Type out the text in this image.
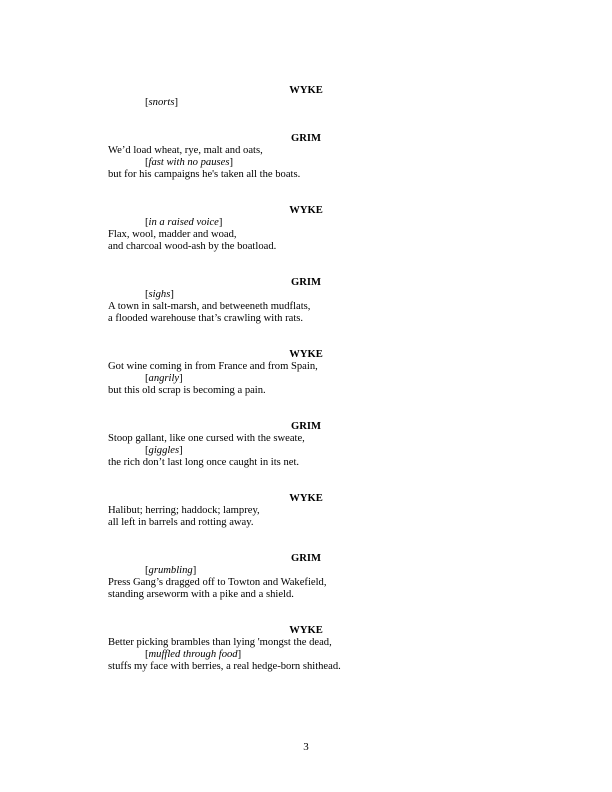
WYKE
[snorts]
GRIM
We’d load wheat, rye, malt and oats,
[fast with no pauses]
but for his campaigns he's taken all the boats.
WYKE
[in a raised voice]
Flax, wool, madder and woad,
and charcoal wood-ash by the boatload.
GRIM
[sighs]
A town in salt-marsh, and betweeneth mudflats,
a flooded warehouse that’s crawling with rats.
WYKE
Got wine coming in from France and from Spain,
[angrily]
but this old scrap is becoming a pain.
GRIM
Stoop gallant, like one cursed with the sweate,
[giggles]
the rich don’t last long once caught in its net.
WYKE
Halibut; herring; haddock; lamprey,
all left in barrels and rotting away.
GRIM
[grumbling]
Press Gang’s dragged off to Towton and Wakefield,
standing arseworm with a pike and a shield.
WYKE
Better picking brambles than lying 'mongst the dead,
[muffled through food]
stuffs my face with berries, a real hedge-born shithead.
3
